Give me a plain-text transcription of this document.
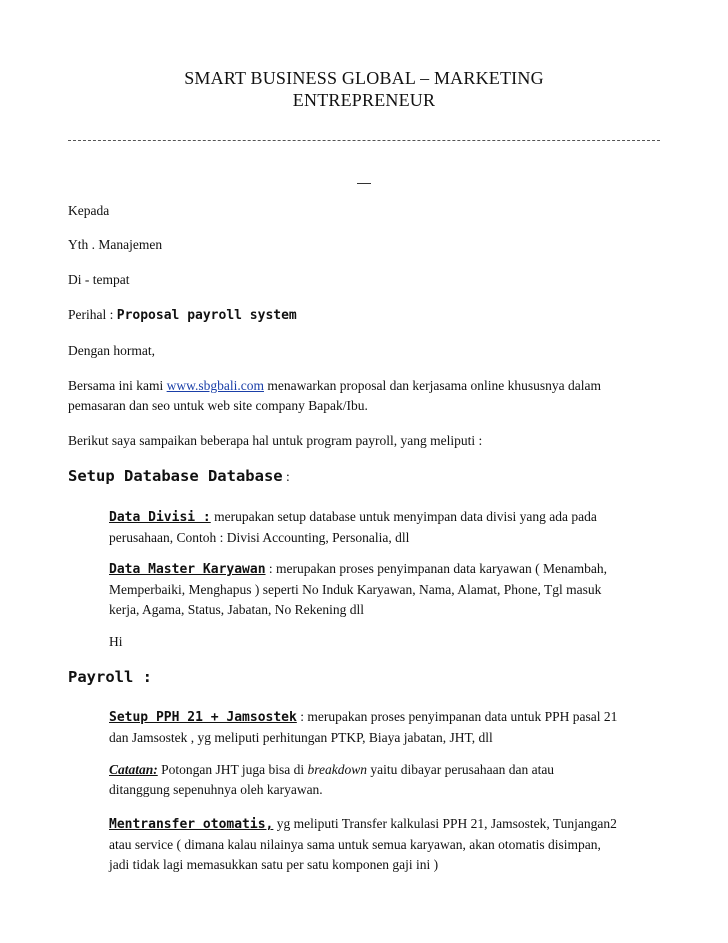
SMART BUSINESS GLOBAL – MARKETING
ENTREPRENEUR

Kepada

Yth . Manajemen

Di - tempat

Perihal : Proposal payroll system

Dengan hormat,

Bersama ini kami www.sbgbali.com menawarkan proposal dan kerjasama online khususnya dalam
pemasaran dan seo untuk web site company Bapak/Ibu.

Berikut saya sampaikan beberapa hal untuk program payroll, yang meliputi :

Setup Database Database :

Data Divisi : merupakan setup database untuk menyimpan data divisi yang ada pada
perusahaan, Contoh : Divisi Accounting, Personalia, dll

Data Master Karyawan : merupakan proses penyimpanan data karyawan ( Menambah,
Memperbaiki, Menghapus ) seperti No Induk Karyawan, Nama, Alamat, Phone, Tgl masuk
kerja, Agama, Status, Jabatan, No Rekening dll

Hi

Payroll :

Setup PPH 21 + Jamsostek : merupakan proses penyimpanan data untuk PPH pasal 21
dan Jamsostek , yg meliputi perhitungan PTKP, Biaya jabatan, JHT, dll

Catatan: Potongan JHT juga bisa di breakdown yaitu dibayar perusahaan dan atau
ditanggung sepenuhnya oleh karyawan.

Mentransfer otomatis, yg meliputi Transfer kalkulasi PPH 21, Jamsostek, Tunjangan2
atau service ( dimana kalau nilainya sama untuk semua karyawan, akan otomatis disimpan,
jadi tidak lagi memasukkan satu per satu komponen gaji ini )
